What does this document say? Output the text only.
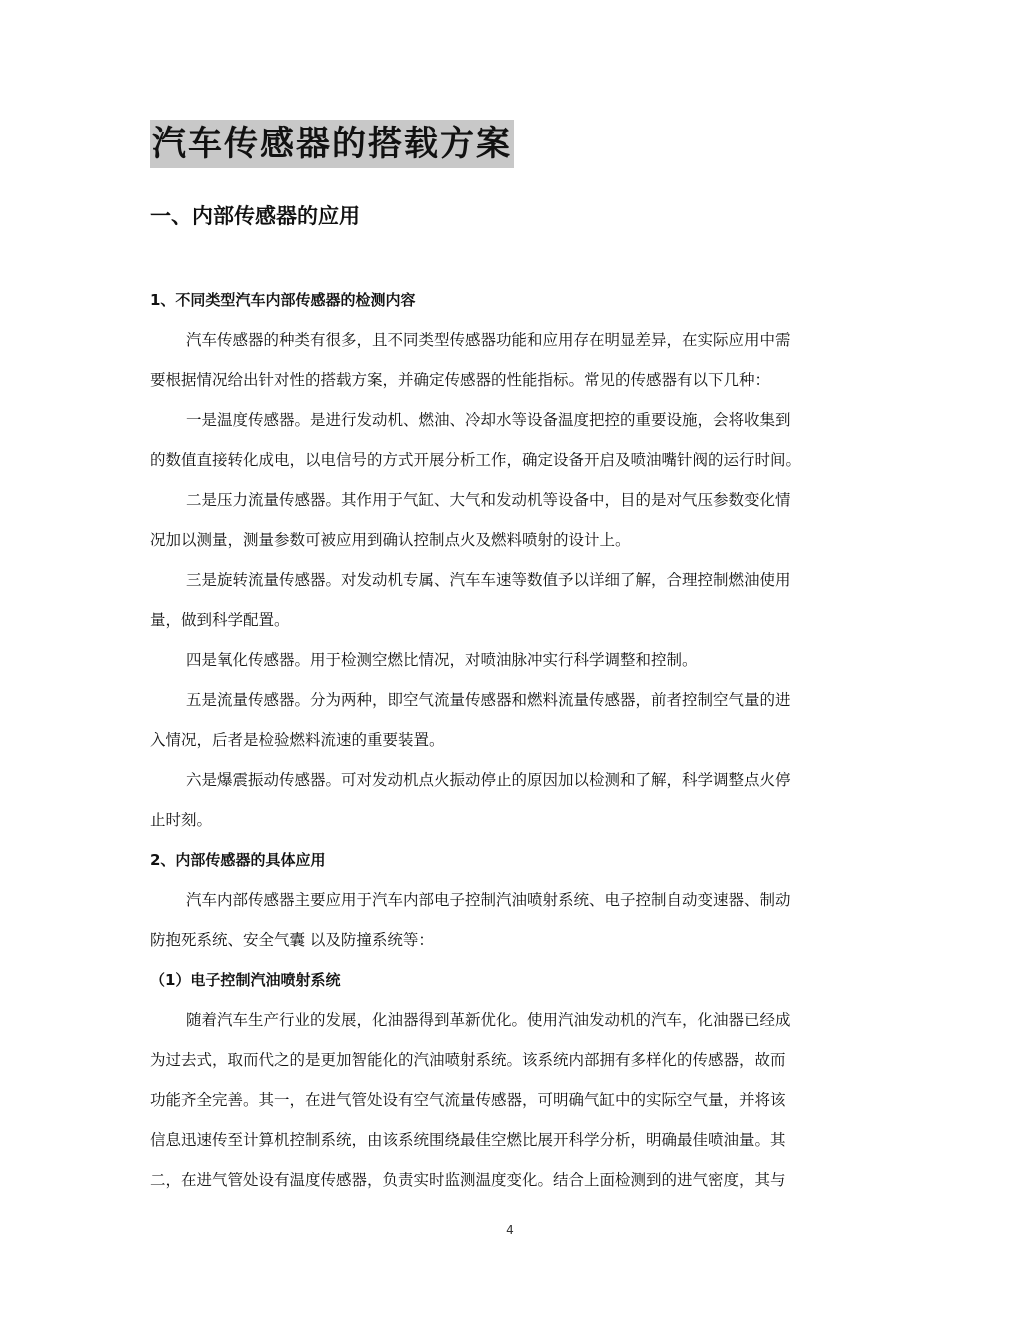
汽车传感器的搭载方案
一、内部传感器的应用
1、不同类型汽车内部传感器的检测内容
汽车传感器的种类有很多，且不同类型传感器功能和应用存在明显差异，在实际应用中需
要根据情况给出针对性的搭载方案，并确定传感器的性能指标。常见的传感器有以下几种：
一是温度传感器。是进行发动机、燃油、冷却水等设备温度把控的重要设施，会将收集到
的数值直接转化成电，以电信号的方式开展分析工作，确定设备开启及喷油嘴针阀的运行时间。
二是压力流量传感器。其作用于气缸、大气和发动机等设备中，目的是对气压参数变化情
况加以测量，测量参数可被应用到确认控制点火及燃料喷射的设计上。
三是旋转流量传感器。对发动机专属、汽车车速等数值予以详细了解，合理控制燃油使用
量，做到科学配置。
四是氧化传感器。用于检测空燃比情况，对喷油脉冲实行科学调整和控制。
五是流量传感器。分为两种，即空气流量传感器和燃料流量传感器，前者控制空气量的进
入情况，后者是检验燃料流速的重要装置。
六是爆震振动传感器。可对发动机点火振动停止的原因加以检测和了解，科学调整点火停
止时刻。
2、内部传感器的具体应用
汽车内部传感器主要应用于汽车内部电子控制汽油喷射系统、电子控制自动变速器、制动
防抱死系统、安全气囊 以及防撞系统等：
（1）电子控制汽油喷射系统
随着汽车生产行业的发展，化油器得到革新优化。使用汽油发动机的汽车，化油器已经成
为过去式，取而代之的是更加智能化的汽油喷射系统。该系统内部拥有多样化的传感器，故而
功能齐全完善。其一，在进气管处设有空气流量传感器，可明确气缸中的实际空气量，并将该
信息迅速传至计算机控制系统，由该系统围绕最佳空燃比展开科学分析，明确最佳喷油量。其
二，在进气管处设有温度传感器，负责实时监测温度变化。结合上面检测到的进气密度，其与
4
